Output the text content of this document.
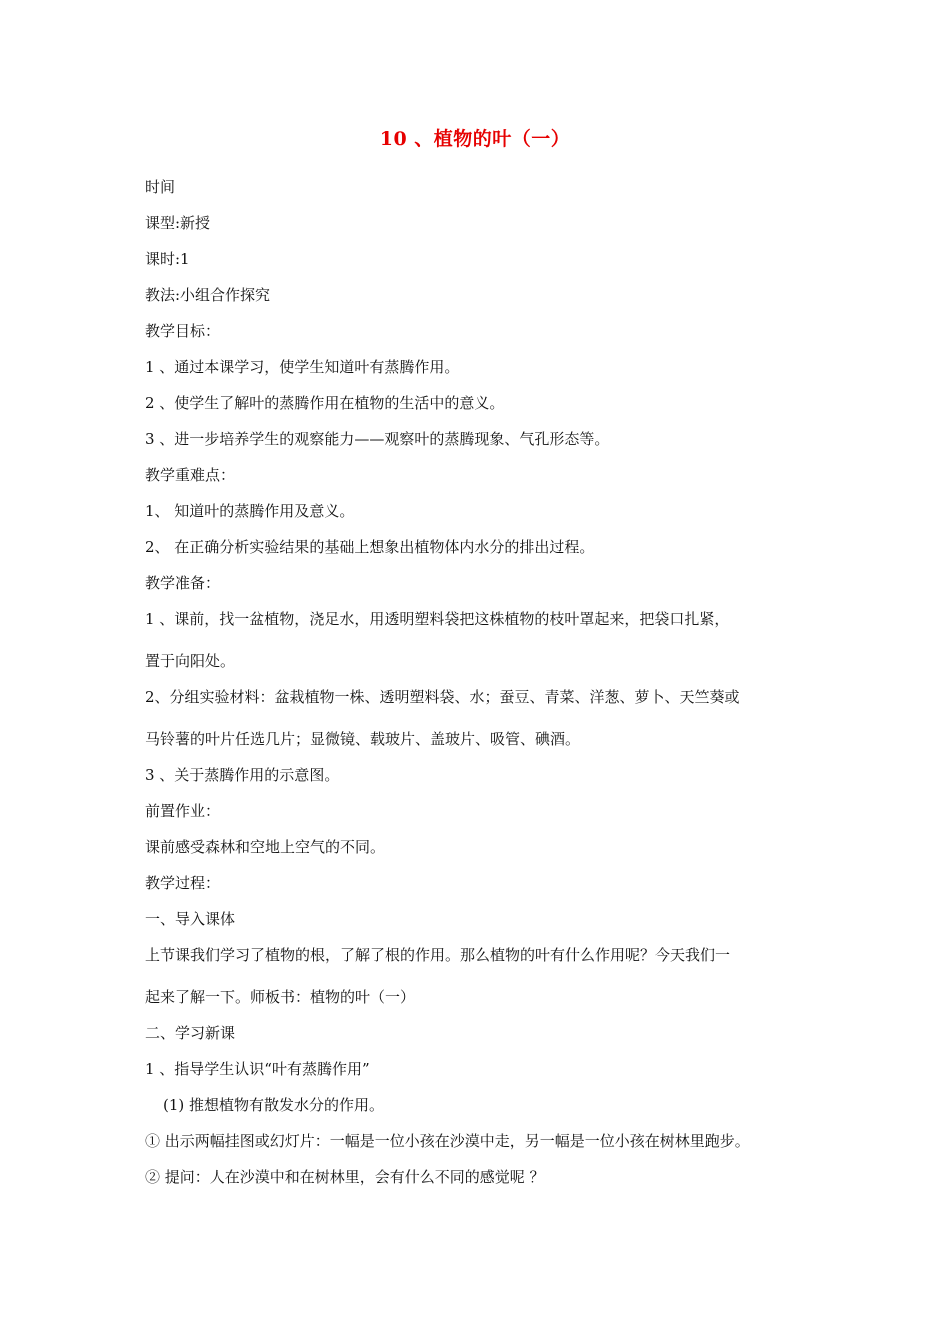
10 、植物的叶（一）
时间
课型:新授
课时:1
教法:小组合作探究
教学目标：
1 、通过本课学习，使学生知道叶有蒸腾作用。
2 、使学生了解叶的蒸腾作用在植物的生活中的意义。
3 、进一步培养学生的观察能力——观察叶的蒸腾现象、气孔形态等。
教学重难点：
1、 知道叶的蒸腾作用及意义。
2、 在正确分析实验结果的基础上想象出植物体内水分的排出过程。
教学准备：
1 、课前，找一盆植物，浇足水，用透明塑料袋把这株植物的枝叶罩起来，把袋口扎紧，
置于向阳处。
2、分组实验材料：盆栽植物一株、透明塑料袋、水；蚕豆、青菜、洋葱、萝卜、天竺葵或
马铃薯的叶片任选几片；显微镜、载玻片、盖玻片、吸管、碘酒。
3 、关于蒸腾作用的示意图。
前置作业：
课前感受森林和空地上空气的不同。
教学过程：
一、导入课体
上节课我们学习了植物的根，了解了根的作用。那么植物的叶有什么作用呢？今天我们一
起来了解一下。师板书：植物的叶（一）
二、学习新课
1 、指导学生认识“叶有蒸腾作用”
(1) 推想植物有散发水分的作用。
① 出示两幅挂图或幻灯片：一幅是一位小孩在沙漠中走，另一幅是一位小孩在树林里跑步。
② 提问：人在沙漠中和在树林里，会有什么不同的感觉呢 ？
